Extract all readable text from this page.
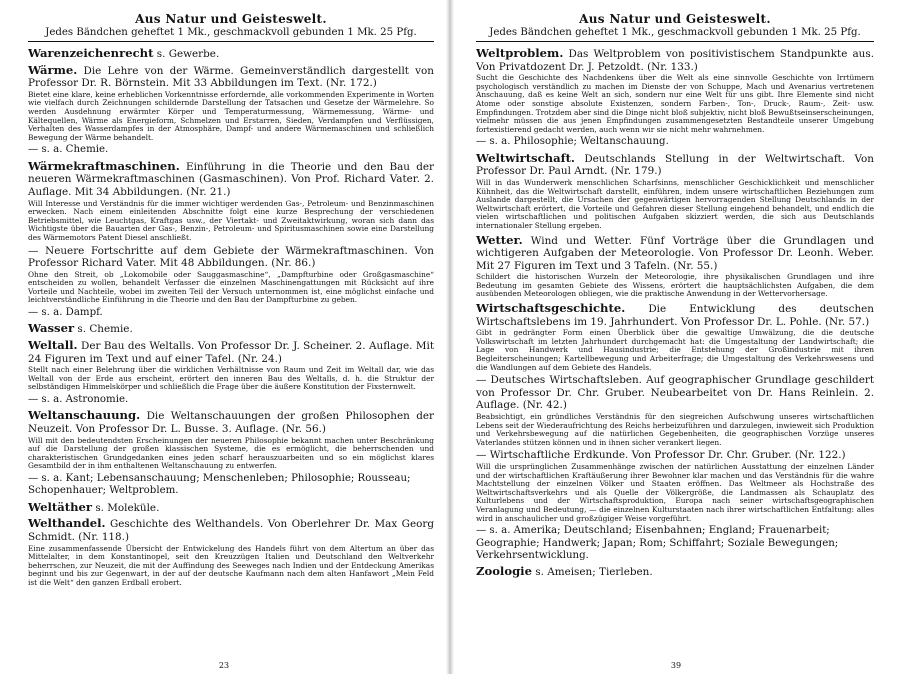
Aus Natur und Geisteswelt.
Jedes Bändchen geheftet 1 Mk., geschmackvoll gebunden 1 Mk. 25 Pfg.
Warenzeichenrecht s. Gewerbe.
Wärme. Die Lehre von der Wärme. Gemeinverständlich dargestellt von Professor Dr. R. Börnstein. Mit 33 Abbildungen im Text. (Nr. 172.)
Bietet eine klare, keine erheblichen Vorkenntnisse erfordernde, alle vorkommenden Experimente in Worten wie vielfach durch Zeichnungen schildernde Darstellung der Tatsachen und Gesetze der Wärmelehre. So werden Ausdehnung erwärmter Körper und Temperaturmessung, Wärmemessung, Wärme- und Kältequellen, Wärme als Energieform, Schmelzen und Erstarren, Sieden, Verdampfen und Verflüssigen, Verhalten des Wasserdampfes in der Atmosphäre, Dampf- und andere Wärmemaschinen und schließlich Bewegung der Wärme behandelt.
— s. a. Chemie.
Wärmekraftmaschinen. Einführung in die Theorie und den Bau der neueren Wärmekraftmaschinen (Gasmaschinen). Von Prof. Richard Vater. 2. Auflage. Mit 34 Abbildungen. (Nr. 21.)
Will Interesse und Verständnis für die immer wichtiger werdenden Gas-, Petroleum- und Benzinmaschinen erwecken. Nach einem einleitenden Abschnitte folgt eine kurze Besprechung der verschiedenen Betriebsmittel, wie Leuchtgas, Kraftgas usw., der Viertakt- und Zweitaktwirkung, woran sich dann das Wichtigste über die Bauarten der Gas-, Benzin-, Petroleum- und Spiritusmaschinen sowie eine Darstellung des Wärmemotors Patent Diesel anschließt.
— Neuere Fortschritte auf dem Gebiete der Wärmekraftmaschinen. Von Professor Richard Vater. Mit 48 Abbildungen. (Nr. 86.)
Ohne den Streit, ob „Lokomobile oder Sauggasmaschine“, „Dampfturbine oder Großgasmaschine“ entscheiden zu wollen, behandelt Verfasser die einzelnen Maschinengattungen mit Rücksicht auf ihre Vorteile und Nachteile, wobei im zweiten Teil der Versuch unternommen ist, eine möglichst einfache und leichtverständliche Einführung in die Theorie und den Bau der Dampfturbine zu geben.
— s. a. Dampf.
Wasser s. Chemie.
Weltall. Der Bau des Weltalls. Von Professor Dr. J. Scheiner. 2. Auflage. Mit 24 Figuren im Text und auf einer Tafel. (Nr. 24.)
Stellt nach einer Belehrung über die wirklichen Verhältnisse von Raum und Zeit im Weltall dar, wie das Weltall von der Erde aus erscheint, erörtert den inneren Bau des Weltalls, d. h. die Struktur der selbständigen Himmelskörper und schließlich die Frage über die äußere Konstitution der Fixsternwelt.
— s. a. Astronomie.
Weltanschauung. Die Weltanschauungen der großen Philosophen der Neuzeit. Von Professor Dr. L. Busse. 3. Auflage. (Nr. 56.)
Will mit den bedeutendsten Erscheinungen der neueren Philosophie bekannt machen unter Beschränkung auf die Darstellung der großen klassischen Systeme, die es ermöglicht, die beherrschenden und charakteristischen Grundgedanken eines jeden scharf herauszuarbeiten und so ein möglichst klares Gesamtbild der in ihm enthaltenen Weltanschauung zu entwerfen.
— s. a. Kant; Lebensanschauung; Menschenleben; Philosophie; Rousseau; Schopenhauer; Weltproblem.
Weltäther s. Moleküle.
Welthandel. Geschichte des Welthandels. Von Oberlehrer Dr. Max Georg Schmidt. (Nr. 118.)
Eine zusammenfassende Übersicht der Entwickelung des Handels führt von dem Altertum an über das Mittelalter, in dem Konstantinopel, seit den Kreuzzügen Italien und Deutschland den Weltverkehr beherrschen, zur Neuzeit, die mit der Auffindung des Seeweges nach Indien und der Entdeckung Amerikas beginnt und bis zur Gegenwart, in der auf der deutsche Kaufmann nach dem alten Hanfawort „Mein Feld ist die Welt“ den ganzen Erdball erobert.
23
Aus Natur und Geisteswelt.
Jedes Bändchen geheftet 1 Mk., geschmackvoll gebunden 1 Mk. 25 Pfg.
Weltproblem. Das Weltproblem von positivistischem Standpunkte aus. Von Privatdozent Dr. J. Petzoldt. (Nr. 133.)
Sucht die Geschichte des Nachdenkens über die Welt als eine sinnvolle Geschichte von Irrtümern psychologisch verständlich zu machen im Dienste der von Schuppe, Mach und Avenarius vertretenen Anschauung, daß es keine Welt an sich, sondern nur eine Welt für uns gibt. Ihre Elemente sind nicht Atome oder sonstige absolute Existenzen, sondern Farben-, Ton-, Druck-, Raum-, Zeit- usw. Empfindungen. Trotzdem aber sind die Dinge nicht bloß subjektiv, nicht bloß Bewußtseinserscheinungen, vielmehr müssen die aus jenen Empfindungen zusammengesetzten Bestandteile unserer Umgebung fortexistierend gedacht werden, auch wenn wir sie nicht mehr wahrnehmen.
— s. a. Philosophie; Weltanschauung.
Weltwirtschaft. Deutschlands Stellung in der Weltwirtschaft. Von Professor Dr. Paul Arndt. (Nr. 179.)
Will in das Wunderwerk menschlichen Scharfsinns, menschlicher Geschicklichkeit und menschlicher Kühnheit, das die Weltwirtschaft darstellt, einführen, indem unsere wirtschaftlichen Beziehungen zum Auslande dargestellt, die Ursachen der gegenwärtigen hervorragenden Stellung Deutschlands in der Weltwirtschaft erörtert, die Vorteile und Gefahren dieser Stellung eingehend behandelt, und endlich die vielen wirtschaftlichen und politischen Aufgaben skizziert werden, die sich aus Deutschlands internationaler Stellung ergeben.
Wetter. Wind und Wetter. Fünf Vorträge über die Grundlagen und wichtigeren Aufgaben der Meteorologie. Von Professor Dr. Leonh. Weber. Mit 27 Figuren im Text und 3 Tafeln. (Nr. 55.)
Schildert die historischen Wurzeln der Meteorologie, ihre physikalischen Grundlagen und ihre Bedeutung im gesamten Gebiete des Wissens, erörtert die hauptsächlichsten Aufgaben, die dem ausübenden Meteorologen obliegen, wie die praktische Anwendung in der Wettervorhersage.
Wirtschaftsgeschichte. Die Entwicklung des deutschen Wirtschaftslebens im 19. Jahrhundert. Von Professor Dr. L. Pohle. (Nr. 57.)
Gibt in gedrängter Form einen Überblick über die gewaltige Umwälzung, die die deutsche Volkswirtschaft im letzten Jahrhundert durchgemacht hat: die Umgestaltung der Landwirtschaft; die Lage von Handwerk und Hausindustrie; die Entstehung der Großindustrie mit ihren Begleiterscheinungen; Kartellbewegung und Arbeiterfrage; die Umgestaltung des Verkehrswesens und die Wandlungen auf dem Gebiete des Handels.
— Deutsches Wirtschaftsleben. Auf geographischer Grundlage geschildert von Professor Dr. Chr. Gruber. Neubearbeitet von Dr. Hans Reinlein. 2. Auflage. (Nr. 42.)
Beabsichtigt, ein gründliches Verständnis für den siegreichen Aufschwung unseres wirtschaftlichen Lebens seit der Wiederaufrichtung des Reichs herbeizuführen und darzulegen, inwieweit sich Produktion und Verkehrsbewegung auf die natürlichen Gegebenheiten, die geographischen Vorzüge unseres Vaterlandes stützen können und in ihnen sicher verankert liegen.
— Wirtschaftliche Erdkunde. Von Professor Dr. Chr. Gruber. (Nr. 122.)
Will die ursprünglichen Zusammenhänge zwischen der natürlichen Ausstattung der einzelnen Länder und der wirtschaftlichen Kraftäußerung ihrer Bewohner klar machen und das Verständnis für die wahre Machtstellung der einzelnen Völker und Staaten eröffnen. Das Weltmeer als Hochstraße des Weltwirtschaftsverkehrs und als Quelle der Völkergröße, die Landmassen als Schauplatz des Kulturlebens und der Wirtschaftsproduktion, Europa nach seiner wirtschaftsgeographischen Veranlagung und Bedeutung, — die einzelnen Kulturstaaten nach ihrer wirtschaftlichen Entfaltung: alles wird in anschaulicher und großzügiger Weise vorgeführt.
— s. a. Amerika; Deutschland; Eisenbahnen; England; Frauenarbeit; Geographie; Handwerk; Japan; Rom; Schiffahrt; Soziale Bewegungen; Verkehrsentwicklung.
Zoologie s. Ameisen; Tierleben.
39
